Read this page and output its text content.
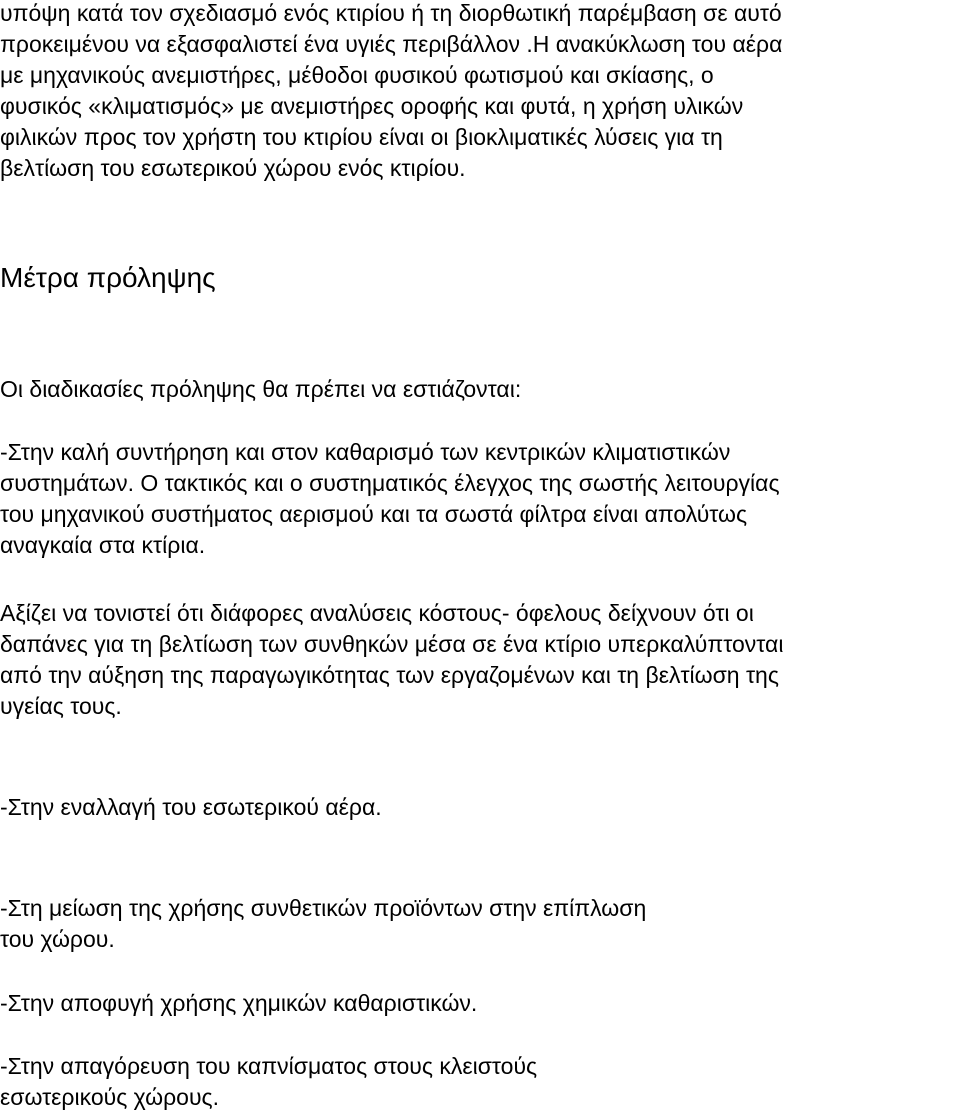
υπόψη κατά τον σχεδιασμό ενός κτιρίου ή τη διορθωτική παρέμβαση σε αυτό
προκειμένου να εξασφαλιστεί ένα υγιές περιβάλλον .Η ανακύκλωση του αέρα
με μηχανικούς ανεμιστήρες, μέθοδοι φυσικού φωτισμού και σκίασης, ο
φυσικός «κλιματισμός» με ανεμιστήρες οροφής και φυτά, η χρήση υλικών
φιλικών προς τον χρήστη του κτιρίου είναι οι βιοκλιματικές λύσεις για τη
βελτίωση του εσωτερικού χώρου ενός κτιρίου.

Μέτρα πρόληψης

Οι διαδικασίες πρόληψης θα πρέπει να εστιάζονται:

-Στην καλή συντήρηση και στον καθαρισμό των κεντρικών κλιματιστικών
συστημάτων. Ο τακτικός και ο συστηματικός έλεγχος της σωστής λειτουργίας
του μηχανικού συστήματος αερισμού και τα σωστά φίλτρα είναι απολύτως
αναγκαία στα κτίρια.

Αξίζει να τονιστεί ότι διάφορες αναλύσεις κόστους- όφελους δείχνουν ότι οι
δαπάνες για τη βελτίωση των συνθηκών μέσα σε ένα κτίριο υπερκαλύπτονται
από την αύξηση της παραγωγικότητας των εργαζομένων και τη βελτίωση της
υγείας τους.

-Στην εναλλαγή του εσωτερικού αέρα.

-Στη μείωση της χρήσης συνθετικών προϊόντων στην επίπλωση
του χώρου.

-Στην αποφυγή χρήσης χημικών καθαριστικών.

-Στην απαγόρευση του καπνίσματος στους κλειστούς
εσωτερικούς χώρους.
